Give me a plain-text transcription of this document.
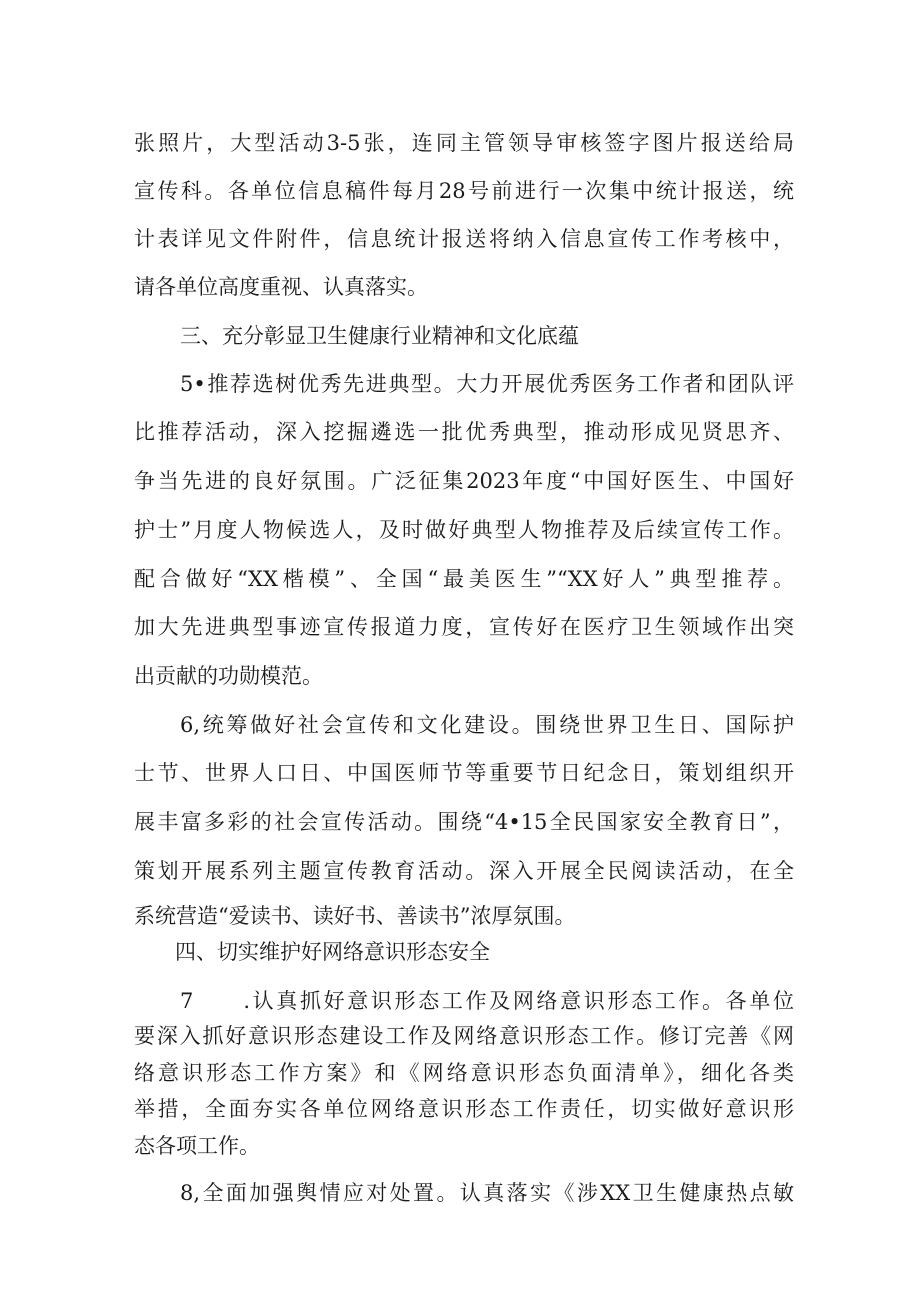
张照片，大型活动3-5张，连同主管领导审核签字图片报送给局
宣传科。各单位信息稿件每月28号前进行一次集中统计报送，统
计表详见文件附件，信息统计报送将纳入信息宣传工作考核中，
请各单位高度重视、认真落实。
三、充分彰显卫生健康行业精神和文化底蕴
5•推荐选树优秀先进典型。大力开展优秀医务工作者和团队评
比推荐活动，深入挖掘遴选一批优秀典型，推动形成见贤思齐、
争当先进的良好氛围。广泛征集2023年度“中国好医生、中国好
护士”月度人物候选人，及时做好典型人物推荐及后续宣传工作。
配合做好“XX楷模”、全国“最美医生”“XX好人”典型推荐。
加大先进典型事迹宣传报道力度，宣传好在医疗卫生领域作出突
出贡献的功勋模范。
6,统筹做好社会宣传和文化建设。围绕世界卫生日、国际护
士节、世界人口日、中国医师节等重要节日纪念日，策划组织开
展丰富多彩的社会宣传活动。围绕“4•15全民国家安全教育日”，
策划开展系列主题宣传教育活动。深入开展全民阅读活动，在全
系统营造“爱读书、读好书、善读书”浓厚氛围。
四、切实维护好网络意识形态安全
7　　.认真抓好意识形态工作及网络意识形态工作。各单位
要深入抓好意识形态建设工作及网络意识形态工作。修订完善《网
络意识形态工作方案》和《网络意识形态负面清单》，细化各类
举措，全面夯实各单位网络意识形态工作责任，切实做好意识形
态各项工作。
8,全面加强舆情应对处置。认真落实《涉XX卫生健康热点敏
